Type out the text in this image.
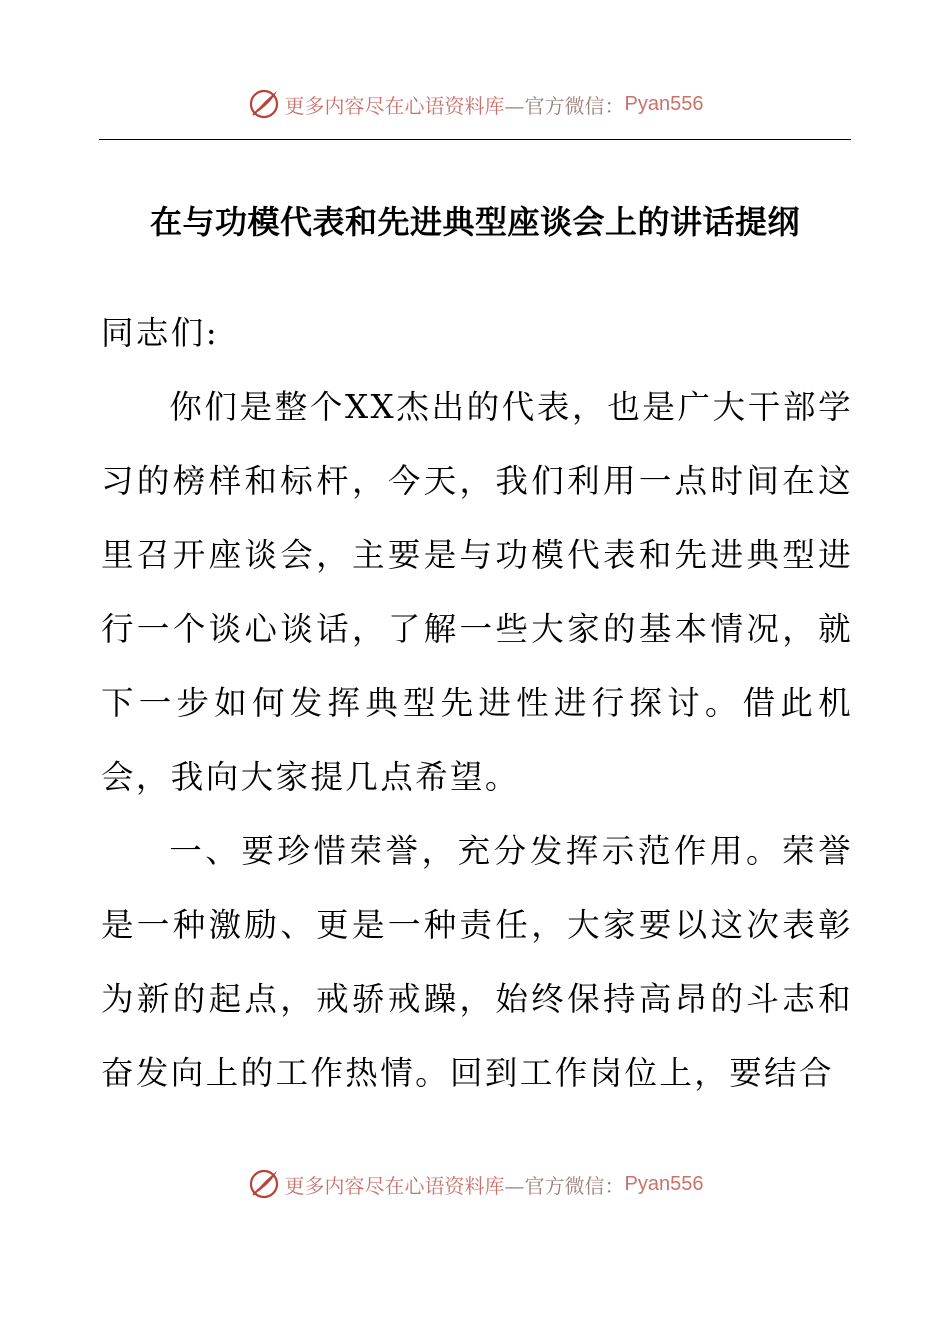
更多内容尽在心语资料库 —官方微信： Pyan556
在与功模代表和先进典型座谈会上的讲话提纲

同志们:

你们是整个XX杰出的代表，也是广大干部学习的榜样和标杆，今天，我们利用一点时间在这里召开座谈会，主要是与功模代表和先进典型进行一个谈心谈话，了解一些大家的基本情况，就下一步如何发挥典型先进性进行探讨。借此机会，我向大家提几点希望。

一、要珍惜荣誉，充分发挥示范作用。荣誉是一种激励、更是一种责任，大家要以这次表彰为新的起点，戒骄戒躁，始终保持高昂的斗志和奋发向上的工作热情。回到工作岗位上，要结合

更多内容尽在心语资料库 —官方微信： Pyan556
